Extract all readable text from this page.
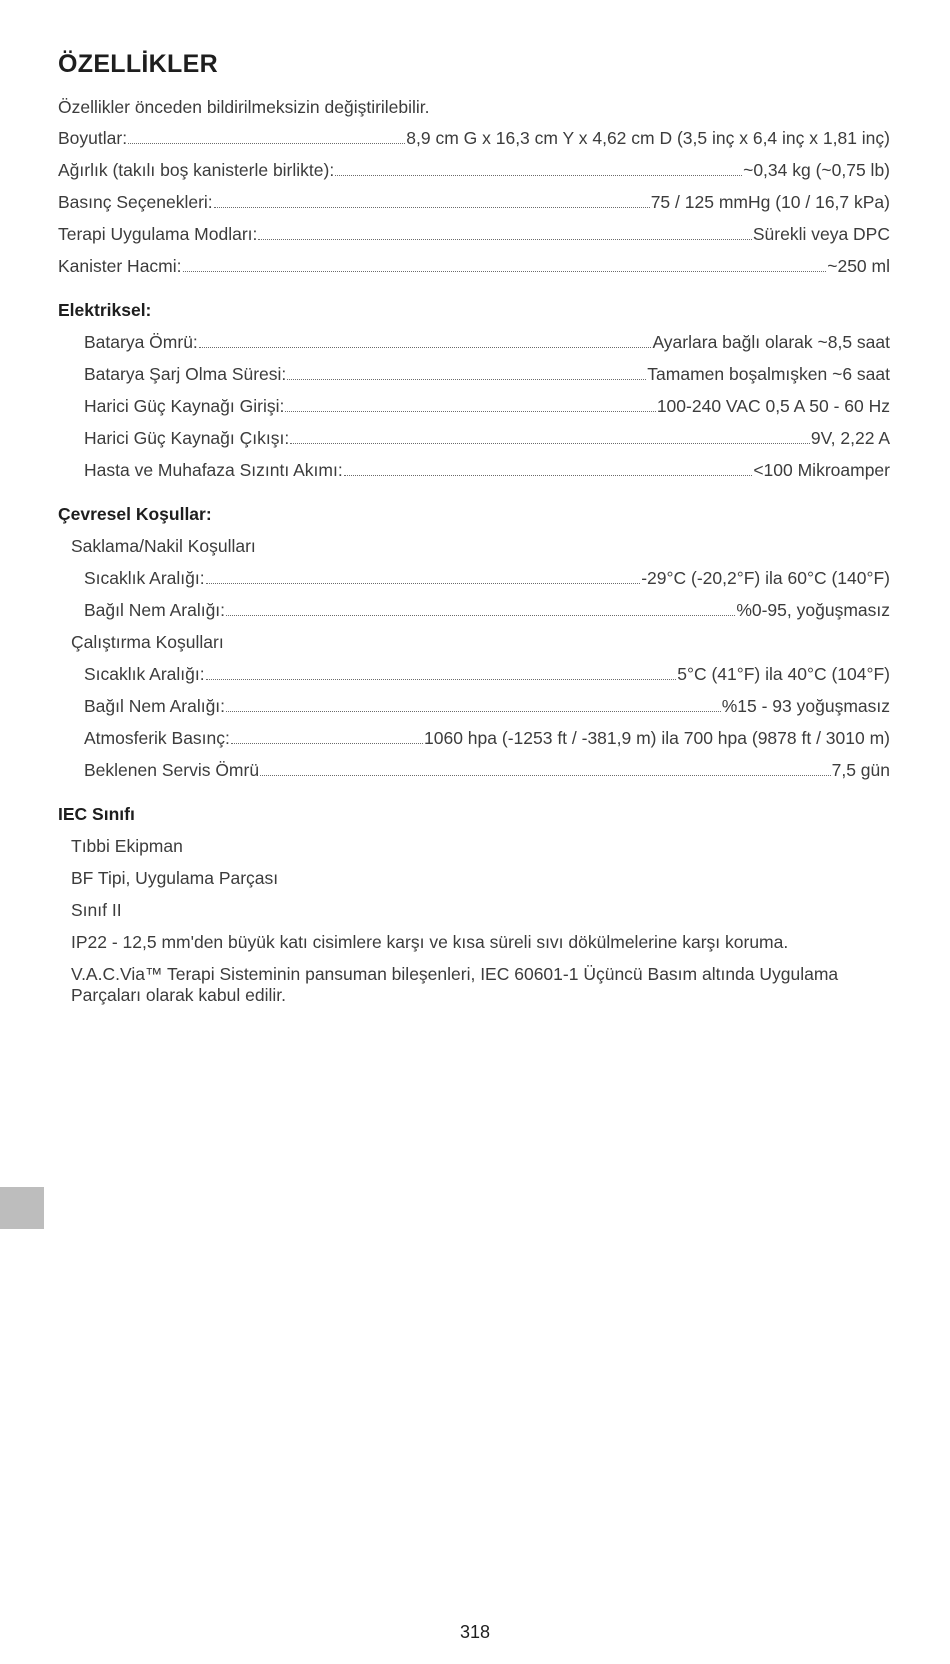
ÖZELLİKLER
Özellikler önceden bildirilmeksizin değiştirilebilir.
Boyutlar:	8,9 cm G x 16,3 cm Y x 4,62 cm D (3,5 inç x 6,4 inç x 1,81 inç)
Ağırlık (takılı boş kanisterle birlikte):	~0,34 kg (~0,75 lb)
Basınç Seçenekleri:	75 / 125 mmHg (10 / 16,7 kPa)
Terapi Uygulama Modları:	Sürekli veya DPC
Kanister Hacmi:	~250 ml
Elektriksel:
Batarya Ömrü:	Ayarlara bağlı olarak ~8,5 saat
Batarya Şarj Olma Süresi:	Tamamen boşalmışken ~6 saat
Harici Güç Kaynağı Girişi:	100-240 VAC 0,5 A 50 - 60 Hz
Harici Güç Kaynağı Çıkışı:	9V, 2,22 A
Hasta ve Muhafaza Sızıntı Akımı:	<100 Mikroamper
Çevresel Koşullar:
Saklama/Nakil Koşulları
Sıcaklık Aralığı:	-29°C (-20,2°F) ila 60°C (140°F)
Bağıl Nem Aralığı:	%0-95, yoğuşmasız
Çalıştırma Koşulları
Sıcaklık Aralığı:	5°C (41°F) ila 40°C (104°F)
Bağıl Nem Aralığı:	%15 - 93 yoğuşmasız
Atmosferik Basınç:	1060 hpa (-1253 ft / -381,9 m) ila 700 hpa (9878 ft / 3010 m)
Beklenen Servis Ömrü	7,5 gün
IEC Sınıfı
Tıbbi Ekipman
BF Tipi, Uygulama Parçası
Sınıf II
IP22 - 12,5 mm'den büyük katı cisimlere karşı ve kısa süreli sıvı dökülmelerine karşı koruma.
V.A.C.Via™ Terapi Sisteminin pansuman bileşenleri, IEC 60601-1 Üçüncü Basım altında Uygulama Parçaları olarak kabul edilir.
318
